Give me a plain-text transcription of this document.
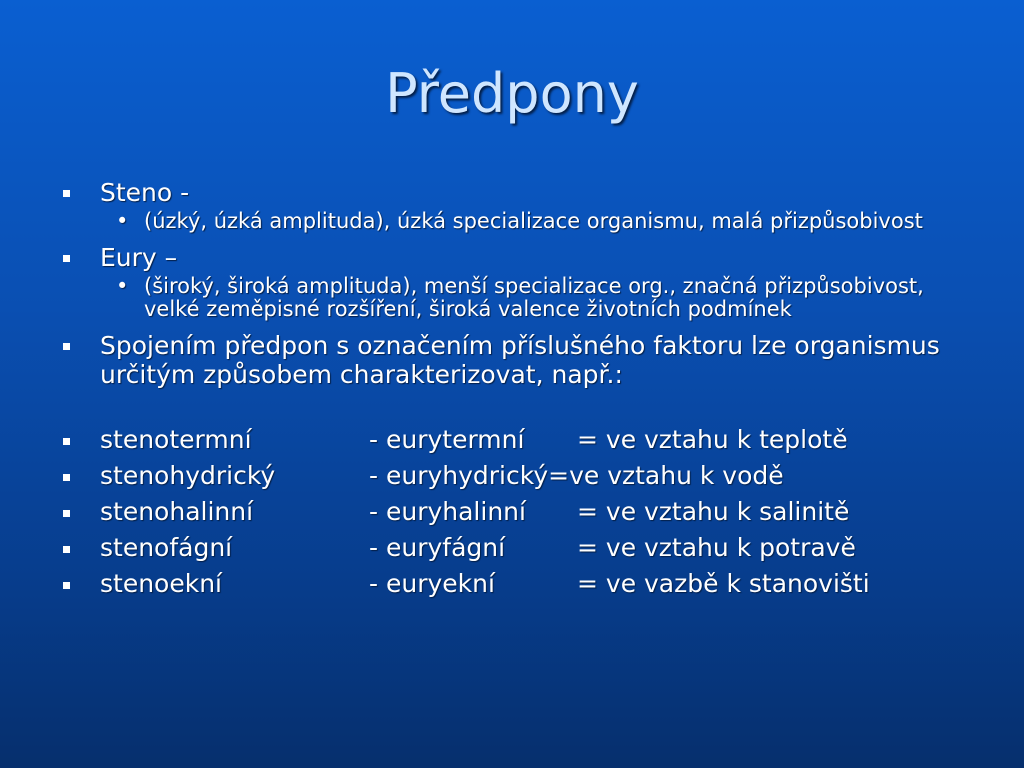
Předpony
Steno -
• (úzký, úzká amplituda), úzká specializace organismu, malá přizpůsobivost
Eury –
• (široký, široká amplituda), menší specializace org., značná přizpůsobivost, velké zeměpisné rozšíření, široká valence životních podmínek
Spojením předpon s označením příslušného faktoru lze organismus určitým způsobem charakterizovat, např.:
stenotermní	- eurytermní = ve vztahu k teplotě
stenohydrický	- euryhydrický=ve vztahu k vodě
stenohalinní	- euryhalinní = ve vztahu k salinitě
stenofágní	- euryfágní	= ve vztahu k potravě
stenoekní	- euryekní	= ve vazbě k stanovišti
